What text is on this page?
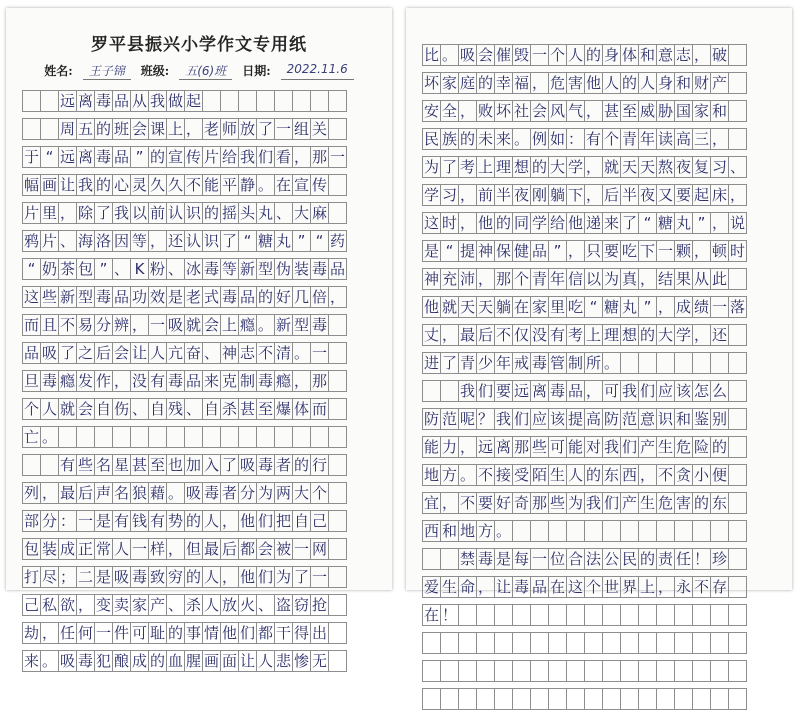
罗平县振兴小学作文专用纸
姓名:	王子锦	班级:	五(6)班	日期:	2022.11.6

远 离 毒 品 从 我 做 起

周 五 的 班 会 课 上 ， 老 师 放 了 一 组 关
于 “ 远 离 毒 品 ” 的 宣 传 片 给 我 们 看 ， 那 一
幅 画 让 我 的 心 灵 久 久 不 能 平 静 。 在 宣 传
片 里 ， 除 了 我 以 前 认 识 的 摇 头 丸 、 大 麻
鸦 片 、 海 洛 因 等 ， 还 认 识 了 “ 糖 丸 ” “ 药
“ 奶 茶 包 ” 、 K 粉 、 冰 毒 等 新 型 伪 装 毒 品
这 些 新 型 毒 品 功 效 是 老 式 毒 品 的 好 几 倍 ，
而 且 不 易 分 辨 ， 一 吸 就 会 上 瘾 。 新 型 毒
品 吸 了 之 后 会 让 人 亢 奋 、 神 志 不 清 。 一
旦 毒 瘾 发 作 ， 没 有 毒 品 来 克 制 毒 瘾 ， 那
个 人 就 会 自 伤 、 自 残 、 自 杀 甚 至 爆 体 而
亡 。

有 些 名 星 甚 至 也 加 入 了 吸 毒 者 的 行
列 ， 最 后 声 名 狼 藉 。 吸 毒 者 分 为 两 大 个
部 分 ： 一 是 有 钱 有 势 的 人 ， 他 们 把 自 己
包 装 成 正 常 人 一 样 ， 但 最 后 都 会 被 一 网
打 尽 ； 二 是 吸 毒 致 穷 的 人 ， 他 们 为 了 一
己 私 欲 ， 变 卖 家 产 、 杀 人 放 火 、 盗 窃 抢
劫 ， 任 何 一 件 可 耻 的 事 情 他 们 都 干 得 出
来 。 吸 毒 犯 酿 成 的 血 腥 画 面 让 人 悲 惨 无
比 。 吸 会 催 毁 一 个 人 的 身 体 和 意 志 ， 破
坏 家 庭 的 幸 福 ， 危 害 他 人 的 人 身 和 财 产
安 全 ， 败 坏 社 会 风 气 ， 甚 至 威 胁 国 家 和
民 族 的 未 来 。 例 如 ： 有 个 青 年 读 高 三 ，
为 了 考 上 理 想 的 大 学 ， 就 天 天 熬 夜 复 习 、
学 习 ， 前 半 夜 刚 躺 下 ， 后 半 夜 又 要 起 床 ，
这 时 ， 他 的 同 学 给 他 递 来 了 “ 糖 丸 ” ， 说
是 “ 提 神 保 健 品 ” ， 只 要 吃 下 一 颗 ， 顿 时
神 充 沛 ， 那 个 青 年 信 以 为 真 ， 结 果 从 此
他 就 天 天 躺 在 家 里 吃 “ 糖 丸 ” ， 成 绩 一 落
丈 ， 最 后 不 仅 没 有 考 上 理 想 的 大 学 ， 还
进 了 青 少 年 戒 毒 管 制 所 。

我 们 要 远 离 毒 品 ， 可 我 们 应 该 怎 么
防 范 呢 ？ 我 们 应 该 提 高 防 范 意 识 和 鉴 别
能 力 ， 远 离 那 些 可 能 对 我 们 产 生 危 险 的
地 方 。 不 接 受 陌 生 人 的 东 西 ， 不 贪 小 便
宜 ， 不 要 好 奇 那 些 为 我 们 产 生 危 害 的 东
西 和 地 方 。

禁 毒 是 每 一 位 合 法 公 民 的 责 任 ！ 珍
爱 生 命 ， 让 毒 品 在 这 个 世 界 上 ， 永 不 存
在 ！
